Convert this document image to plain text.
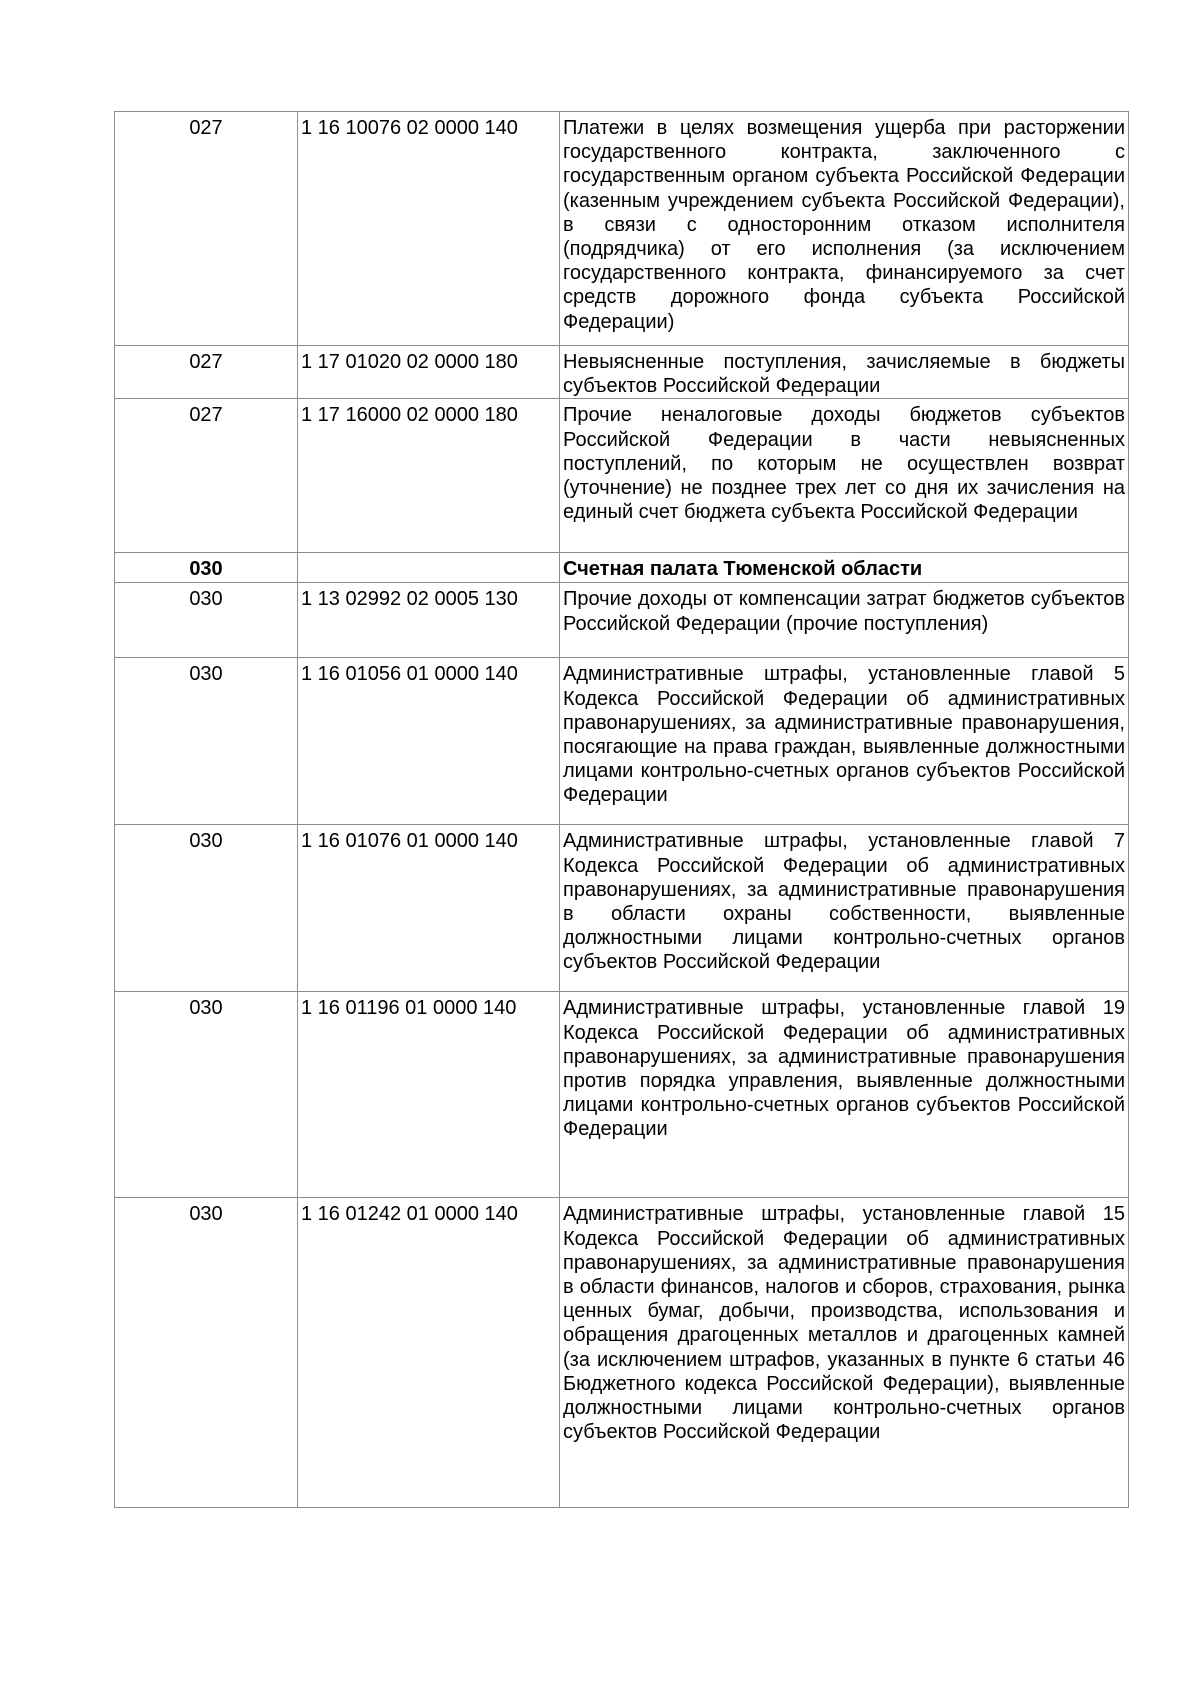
027	1 16 10076 02 0000 140	Платежи в целях возмещения ущерба при расторжении государственного контракта, заключенного с государственным органом субъекта Российской Федерации (казенным учреждением субъекта Российской Федерации), в связи с односторонним отказом исполнителя (подрядчика) от его исполнения (за исключением государственного контракта, финансируемого за счет средств дорожного фонда субъекта Российской Федерации)
027	1 17 01020 02 0000 180	Невыясненные поступления, зачисляемые в бюджеты субъектов Российской Федерации
027	1 17 16000 02 0000 180	Прочие неналоговые доходы бюджетов субъектов Российской Федерации в части невыясненных поступлений, по которым не осуществлен возврат (уточнение) не позднее трех лет со дня их зачисления на единый счет бюджета субъекта Российской Федерации
030		Счетная палата Тюменской области
030	1 13 02992 02 0005 130	Прочие доходы от компенсации затрат бюджетов субъектов Российской Федерации (прочие поступления)
030	1 16 01056 01 0000 140	Административные штрафы, установленные главой 5 Кодекса Российской Федерации об административных правонарушениях, за административные правонарушения, посягающие на права граждан, выявленные должностными лицами контрольно-счетных органов субъектов Российской Федерации
030	1 16 01076 01 0000 140	Административные штрафы, установленные главой 7 Кодекса Российской Федерации об административных правонарушениях, за административные правонарушения в области охраны собственности, выявленные должностными лицами контрольно-счетных органов субъектов Российской Федерации
030	1 16 01196 01 0000 140	Административные штрафы, установленные главой 19 Кодекса Российской Федерации об административных правонарушениях, за административные правонарушения против порядка управления, выявленные должностными лицами контрольно-счетных органов субъектов Российской Федерации
030	1 16 01242 01 0000 140	Административные штрафы, установленные главой 15 Кодекса Российской Федерации об административных правонарушениях, за административные правонарушения в области финансов, налогов и сборов, страхования, рынка ценных бумаг, добычи, производства, использования и обращения драгоценных металлов и драгоценных камней (за исключением штрафов, указанных в пункте 6 статьи 46 Бюджетного кодекса Российской Федерации), выявленные должностными лицами контрольно-счетных органов субъектов Российской Федерации
